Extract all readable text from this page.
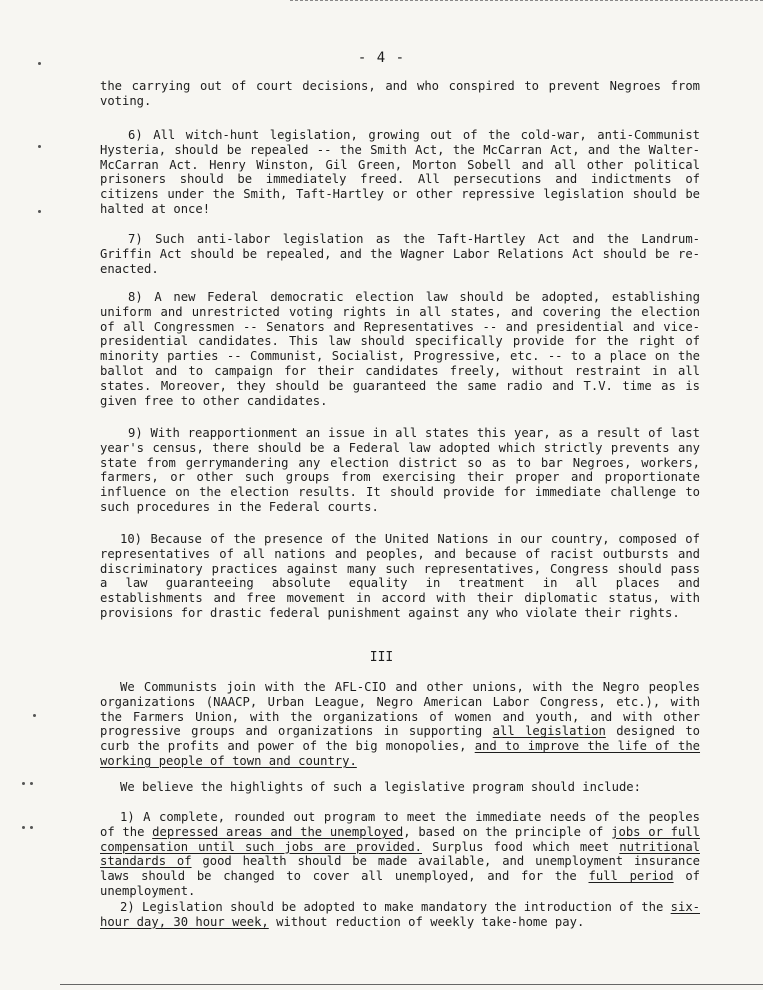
- 4 -

the carrying out of court decisions, and who conspired to prevent Negroes from voting.

6) All witch-hunt legislation, growing out of the cold-war, anti-Communist Hysteria, should be repealed -- the Smith Act, the McCarran Act, and the Walter-McCarran Act. Henry Winston, Gil Green, Morton Sobell and all other political prisoners should be immediately freed. All persecutions and indictments of citizens under the Smith, Taft-Hartley or other repressive legislation should be halted at once!

7) Such anti-labor legislation as the Taft-Hartley Act and the Landrum-Griffin Act should be repealed, and the Wagner Labor Relations Act should be re-enacted.

8) A new Federal democratic election law should be adopted, establishing uniform and unrestricted voting rights in all states, and covering the election of all Congressmen -- Senators and Representatives -- and presidential and vice-presidential candidates. This law should specifically provide for the right of minority parties -- Communist, Socialist, Progressive, etc. -- to a place on the ballot and to campaign for their candidates freely, without restraint in all states. Moreover, they should be guaranteed the same radio and T.V. time as is given free to other candidates.

9) With reapportionment an issue in all states this year, as a result of last year's census, there should be a Federal law adopted which strictly prevents any state from gerrymandering any election district so as to bar Negroes, workers, farmers, or other such groups from exercising their proper and proportionate influence on the election results. It should provide for immediate challenge to such procedures in the Federal courts.

10) Because of the presence of the United Nations in our country, composed of representatives of all nations and peoples, and because of racist outbursts and discriminatory practices against many such representatives, Congress should pass a law guaranteeing absolute equality in treatment in all places and establishments and free movement in accord with their diplomatic status, with provisions for drastic federal punishment against any who violate their rights.

III

We Communists join with the AFL-CIO and other unions, with the Negro peoples organizations (NAACP, Urban League, Negro American Labor Congress, etc.), with the Farmers Union, with the organizations of women and youth, and with other progressive groups and organizations in supporting all legislation designed to curb the profits and power of the big monopolies, and to improve the life of the working people of town and country.

We believe the highlights of such a legislative program should include:

1) A complete, rounded out program to meet the immediate needs of the peoples of the depressed areas and the unemployed, based on the principle of jobs or full compensation until such jobs are provided. Surplus food which meet nutritional standards of good health should be made available, and unemployment insurance laws should be changed to cover all unemployed, and for the full period of unemployment.

2) Legislation should be adopted to make mandatory the introduction of the six-hour day, 30 hour week, without reduction of weekly take-home pay.
